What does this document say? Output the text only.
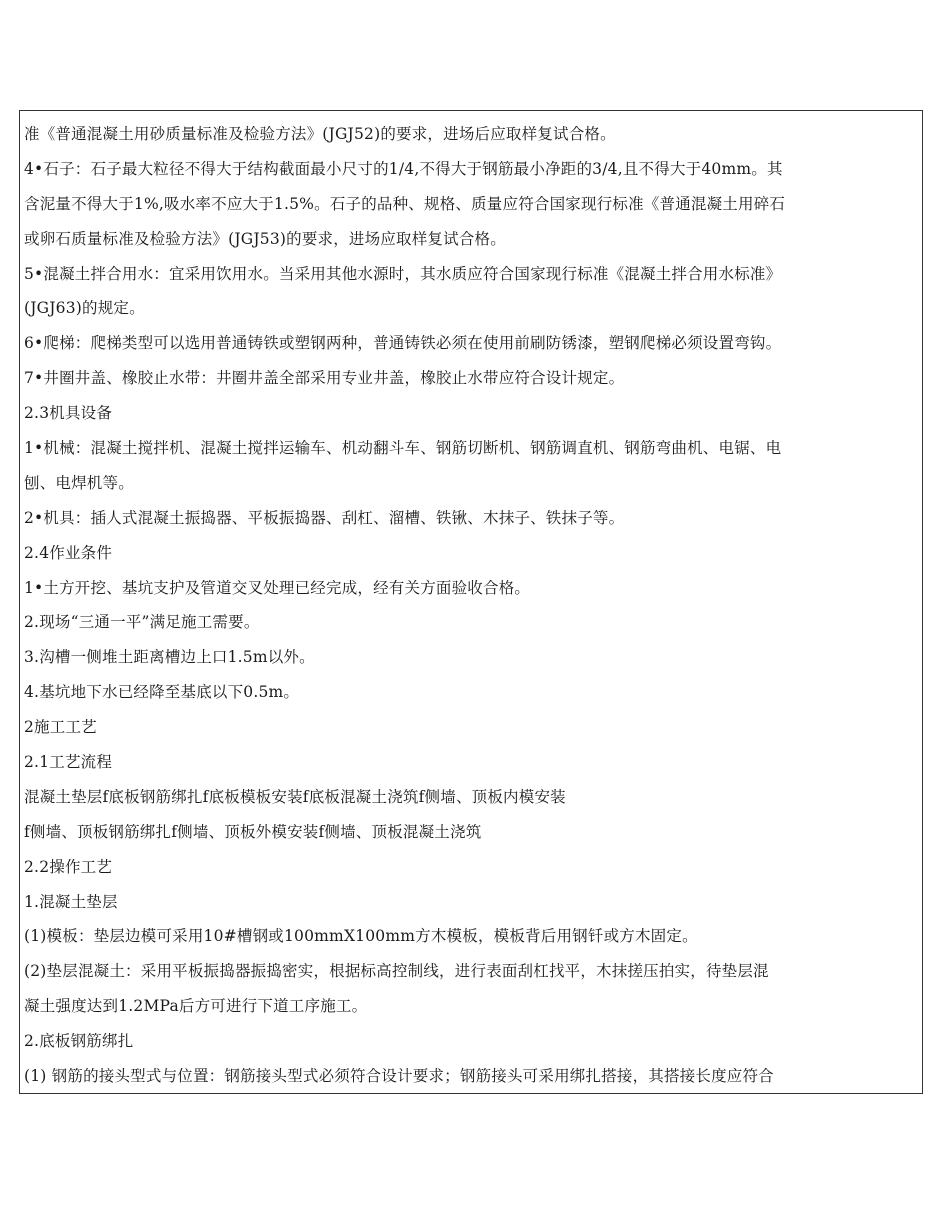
准《普通混凝土用砂质量标准及检验方法》(JGJ52)的要求，进场后应取样复试合格。
4•石子：石子最大粒径不得大于结构截面最小尺寸的1/4,不得大于钢筋最小净距的3/4,且不得大于40mm。其
含泥量不得大于1%,吸水率不应大于1.5%。石子的品种、规格、质量应符合国家现行标准《普通混凝土用碎石
或卵石质量标准及检验方法》(JGJ53)的要求，进场应取样复试合格。
5•混凝土拌合用水：宜采用饮用水。当采用其他水源时，其水质应符合国家现行标准《混凝土拌合用水标准》
(JGJ63)的规定。
6•爬梯：爬梯类型可以选用普通铸铁或塑钢两种，普通铸铁必须在使用前刷防锈漆，塑钢爬梯必须设置弯钩。
7•井圈井盖、橡胶止水带：井圈井盖全部采用专业井盖，橡胶止水带应符合设计规定。
2.3机具设备
1•机械：混凝土搅拌机、混凝土搅拌运输车、机动翻斗车、钢筋切断机、钢筋调直机、钢筋弯曲机、电锯、电
刨、电焊机等。
2•机具：插人式混凝土振捣器、平板振捣器、刮杠、溜槽、铁锹、木抹子、铁抹子等。
2.4作业条件
1•土方开挖、基坑支护及管道交叉处理已经完成，经有关方面验收合格。
2.现场“三通一平”满足施工需要。
3.沟槽一侧堆土距离槽边上口1.5m以外。
4.基坑地下水已经降至基底以下0.5m。
2施工工艺
2.1工艺流程
混凝土垫层f底板钢筋绑扎f底板模板安装f底板混凝土浇筑f侧墙、顶板内模安装
f侧墙、顶板钢筋绑扎f侧墙、顶板外模安装f侧墙、顶板混凝土浇筑
2.2操作工艺
1.混凝土垫层
(1)模板：垫层边模可采用10#槽钢或100mmX100mm方木模板，模板背后用钢钎或方木固定。
(2)垫层混凝土：采用平板振捣器振捣密实，根据标高控制线，进行表面刮杠找平，木抹搓压拍实，待垫层混
凝土强度达到1.2MPa后方可进行下道工序施工。
2.底板钢筋绑扎
(1) 钢筋的接头型式与位置：钢筋接头型式必须符合设计要求；钢筋接头可采用绑扎搭接，其搭接长度应符合
